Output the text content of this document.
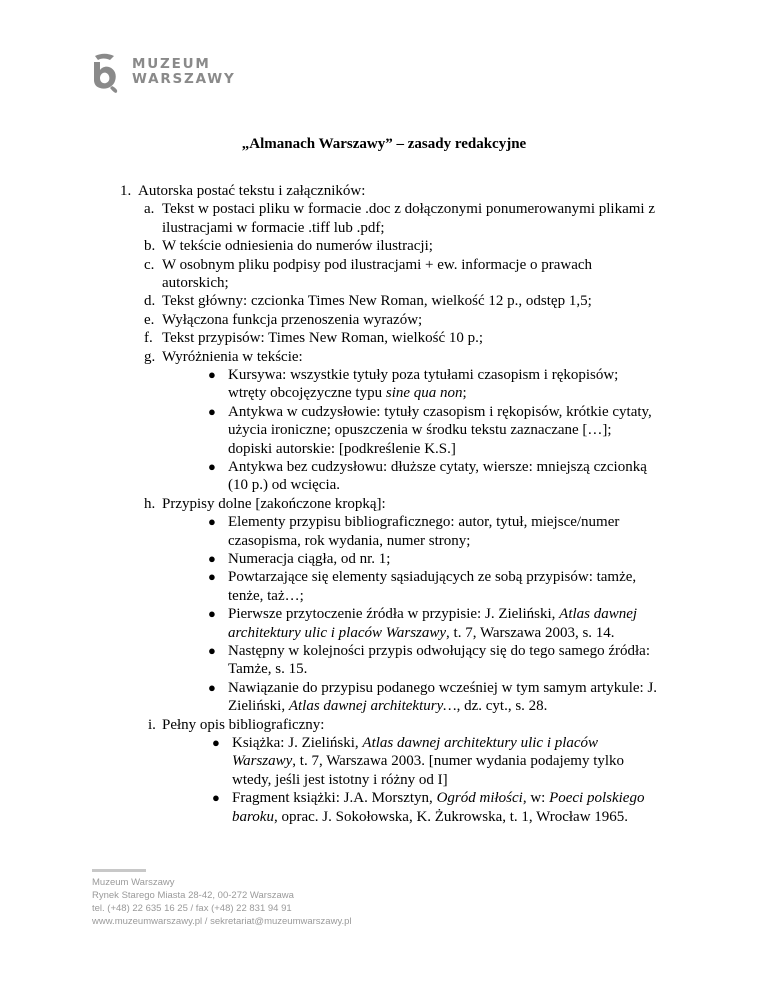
MUZEUM
WARSZAWY
„Almanach Warszawy” – zasady redakcyjne
1. Autorska postać tekstu i załączników:
a. Tekst w postaci pliku w formacie .doc z dołączonymi ponumerowanymi plikami z
ilustracjami w formacie .tiff lub .pdf;
b. W tekście odniesienia do numerów ilustracji;
c. W osobnym pliku podpisy pod ilustracjami + ew. informacje o prawach
autorskich;
d. Tekst główny: czcionka Times New Roman, wielkość 12 p., odstęp 1,5;
e. Wyłączona funkcja przenoszenia wyrazów;
f. Tekst przypisów: Times New Roman, wielkość 10 p.;
g. Wyróżnienia w tekście:
● Kursywa: wszystkie tytuły poza tytułami czasopism i rękopisów;
wtręty obcojęzyczne typu sine qua non;
● Antykwa w cudzysłowie: tytuły czasopism i rękopisów, krótkie cytaty,
użycia ironiczne; opuszczenia w środku tekstu zaznaczane […];
dopiski autorskie: [podkreślenie K.S.]
● Antykwa bez cudzysłowu: dłuższe cytaty, wiersze: mniejszą czcionką
(10 p.) od wcięcia.
h. Przypisy dolne [zakończone kropką]:
● Elementy przypisu bibliograficznego: autor, tytuł, miejsce/numer
czasopisma, rok wydania, numer strony;
● Numeracja ciągła, od nr. 1;
● Powtarzające się elementy sąsiadujących ze sobą przypisów: tamże,
tenże, taż…;
● Pierwsze przytoczenie źródła w przypisie: J. Zieliński, Atlas dawnej
architektury ulic i placów Warszawy, t. 7, Warszawa 2003, s. 14.
● Następny w kolejności przypis odwołujący się do tego samego źródła:
Tamże, s. 15.
● Nawiązanie do przypisu podanego wcześniej w tym samym artykule: J.
Zieliński, Atlas dawnej architektury…, dz. cyt., s. 28.
i. Pełny opis bibliograficzny:
● Książka: J. Zieliński, Atlas dawnej architektury ulic i placów
Warszawy, t. 7, Warszawa 2003. [numer wydania podajemy tylko
wtedy, jeśli jest istotny i różny od I]
● Fragment książki: J.A. Morsztyn, Ogród miłości, w: Poeci polskiego
baroku, oprac. J. Sokołowska, K. Żukrowska, t. 1, Wrocław 1965.
Muzeum Warszawy
Rynek Starego Miasta 28-42, 00-272 Warszawa
tel. (+48) 22 635 16 25 / fax (+48) 22 831 94 91
www.muzeumwarszawy.pl / sekretariat@muzeumwarszawy.pl
